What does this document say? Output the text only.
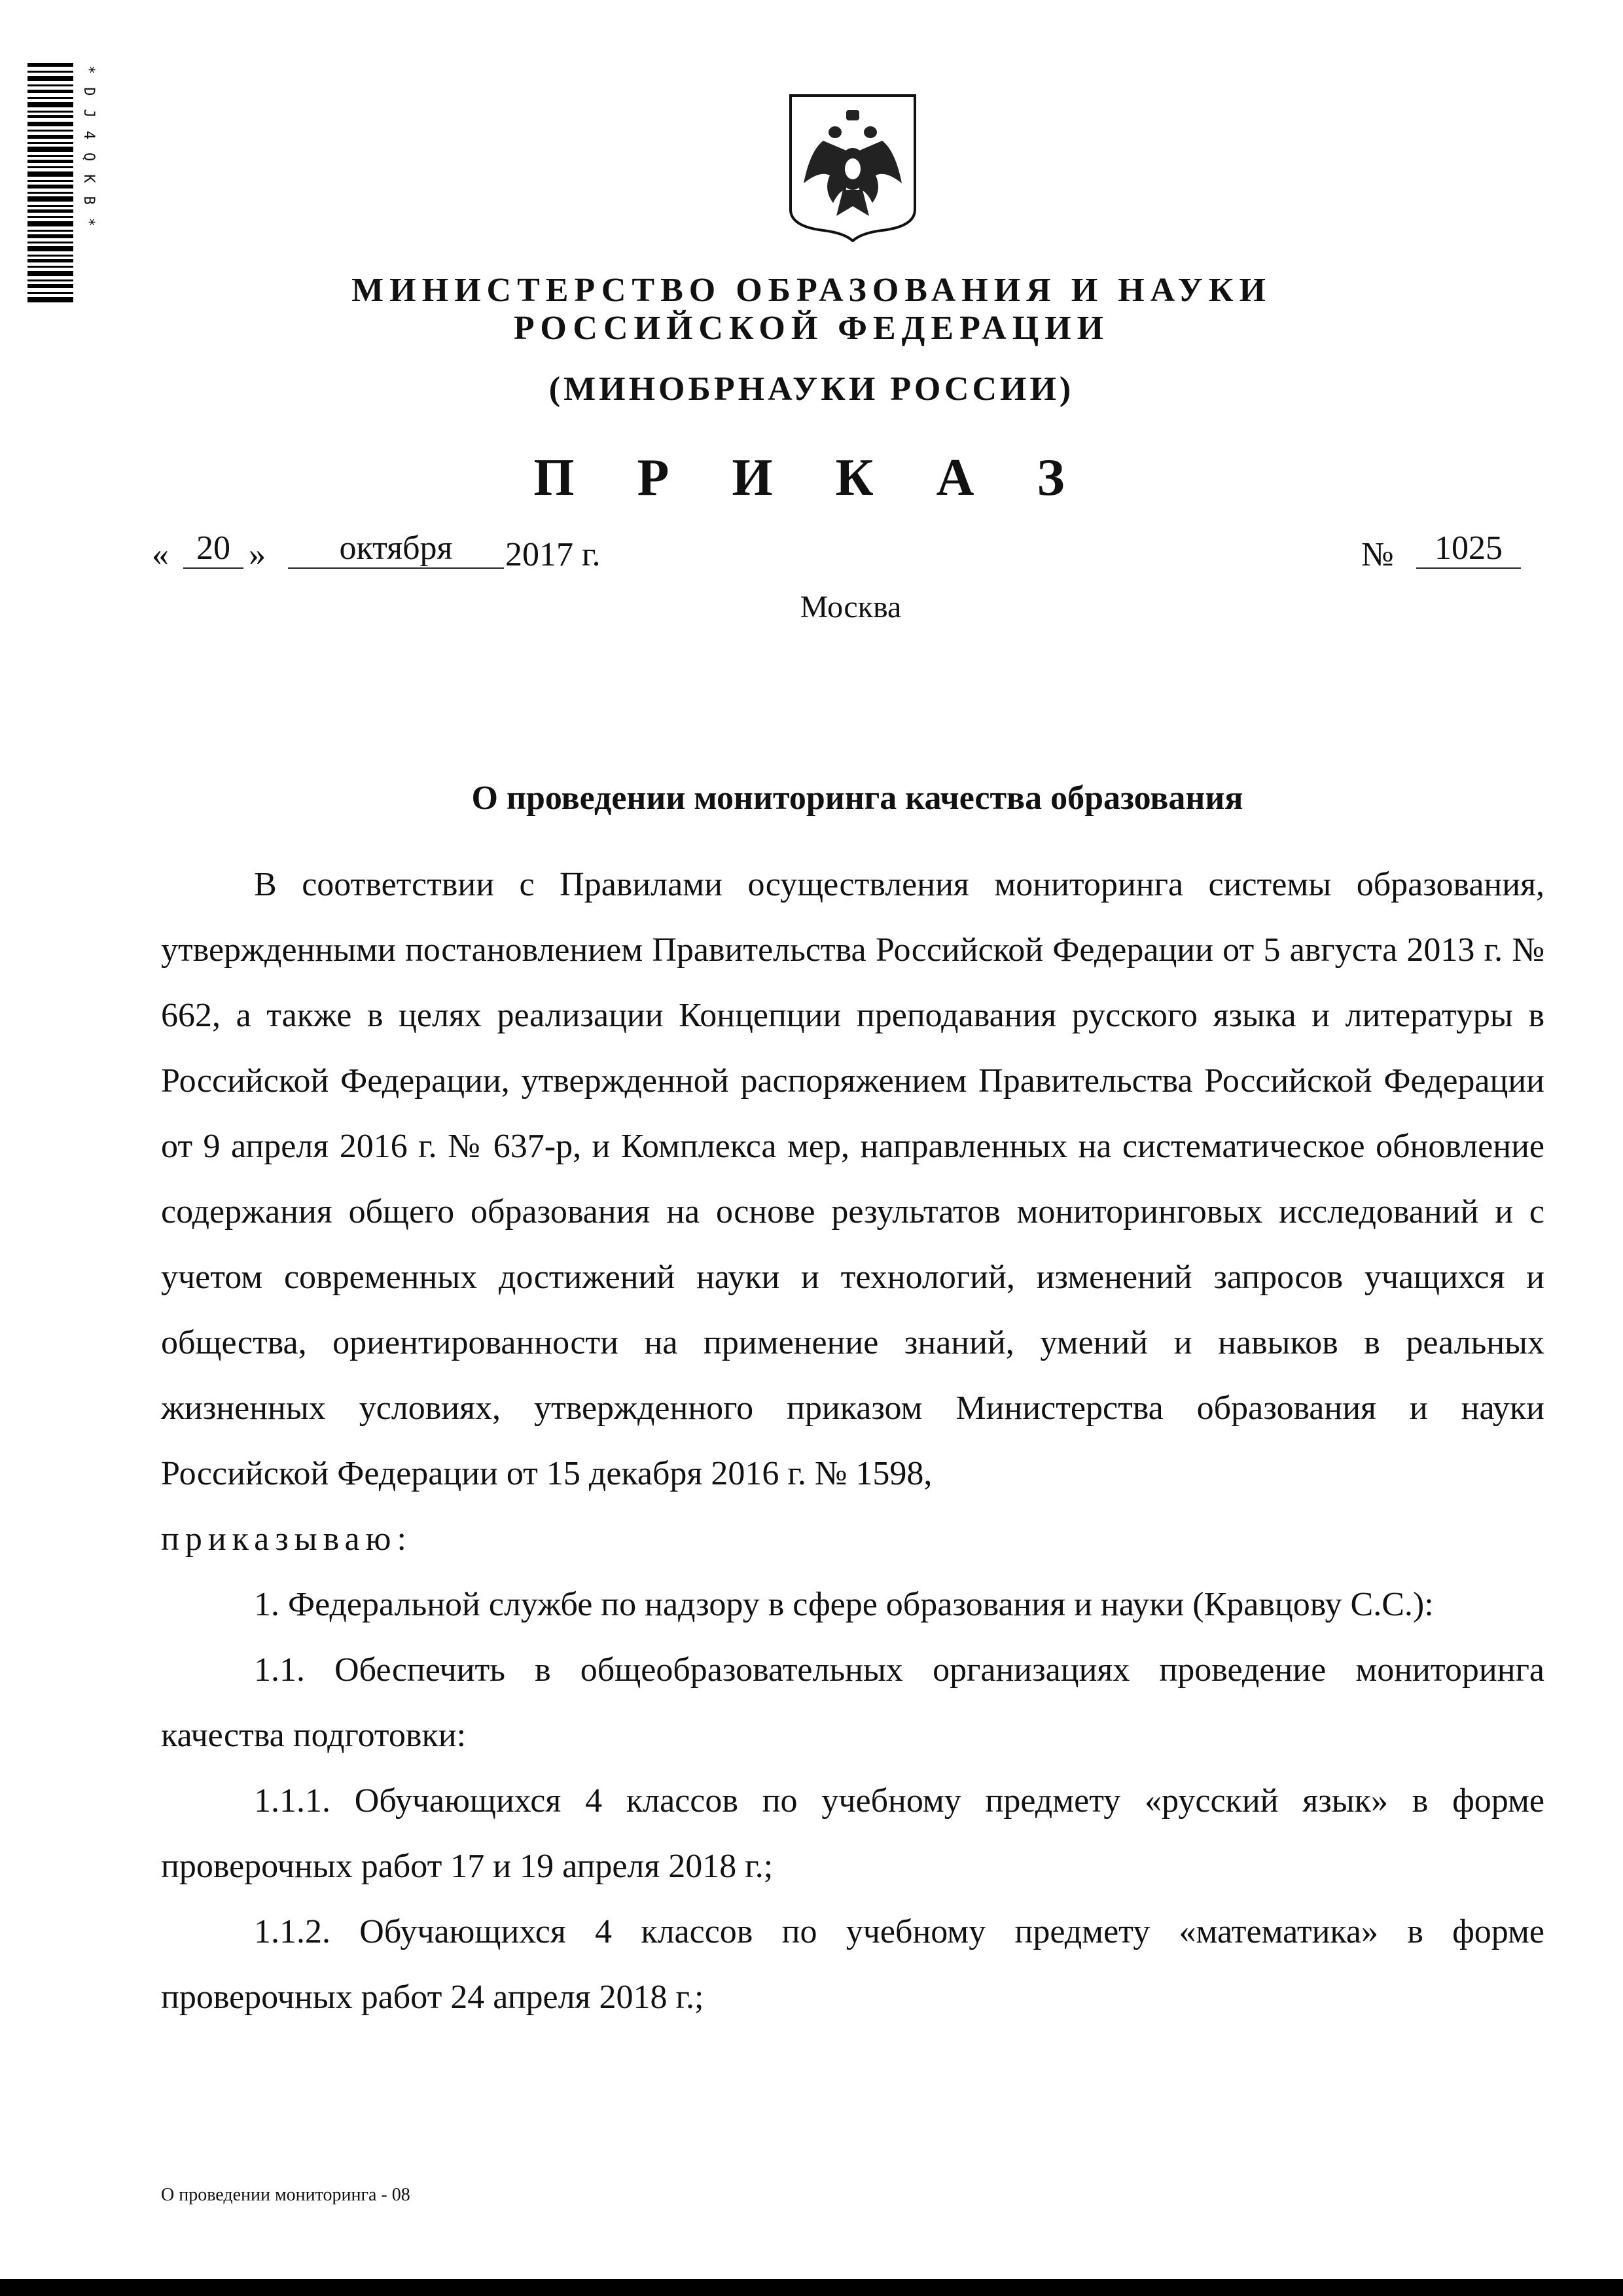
*DJ4QKB*
МИНИСТЕРСТВО ОБРАЗОВАНИЯ И НАУКИ
РОССИЙСКОЙ ФЕДЕРАЦИИ
(МИНОБРНАУКИ РОССИИ)
П Р И К А З
« 20 »	октября	2017 г.	№	1025
Москва
О проведении мониторинга качества образования

В соответствии с Правилами осуществления мониторинга системы образования, утвержденными постановлением Правительства Российской Федерации от 5 августа 2013 г. № 662, а также в целях реализации Концепции преподавания русского языка и литературы в Российской Федерации, утвержденной распоряжением Правительства Российской Федерации от 9 апреля 2016 г. № 637-р, и Комплекса мер, направленных на систематическое обновление содержания общего образования на основе результатов мониторинговых исследований и с учетом современных достижений науки и технологий, изменений запросов учащихся и общества, ориентированности на применение знаний, умений и навыков в реальных жизненных условиях, утвержденного приказом Министерства образования и науки Российской Федерации от 15 декабря 2016 г. № 1598,

приказываю:

1. Федеральной службе по надзору в сфере образования и науки (Кравцову С.С.):

1.1. Обеспечить в общеобразовательных организациях проведение мониторинга качества подготовки:

1.1.1. Обучающихся 4 классов по учебному предмету «русский язык» в форме проверочных работ 17 и 19 апреля 2018 г.;

1.1.2. Обучающихся 4 классов по учебному предмету «математика» в форме проверочных работ 24 апреля 2018 г.;

О проведении мониторинга - 08
